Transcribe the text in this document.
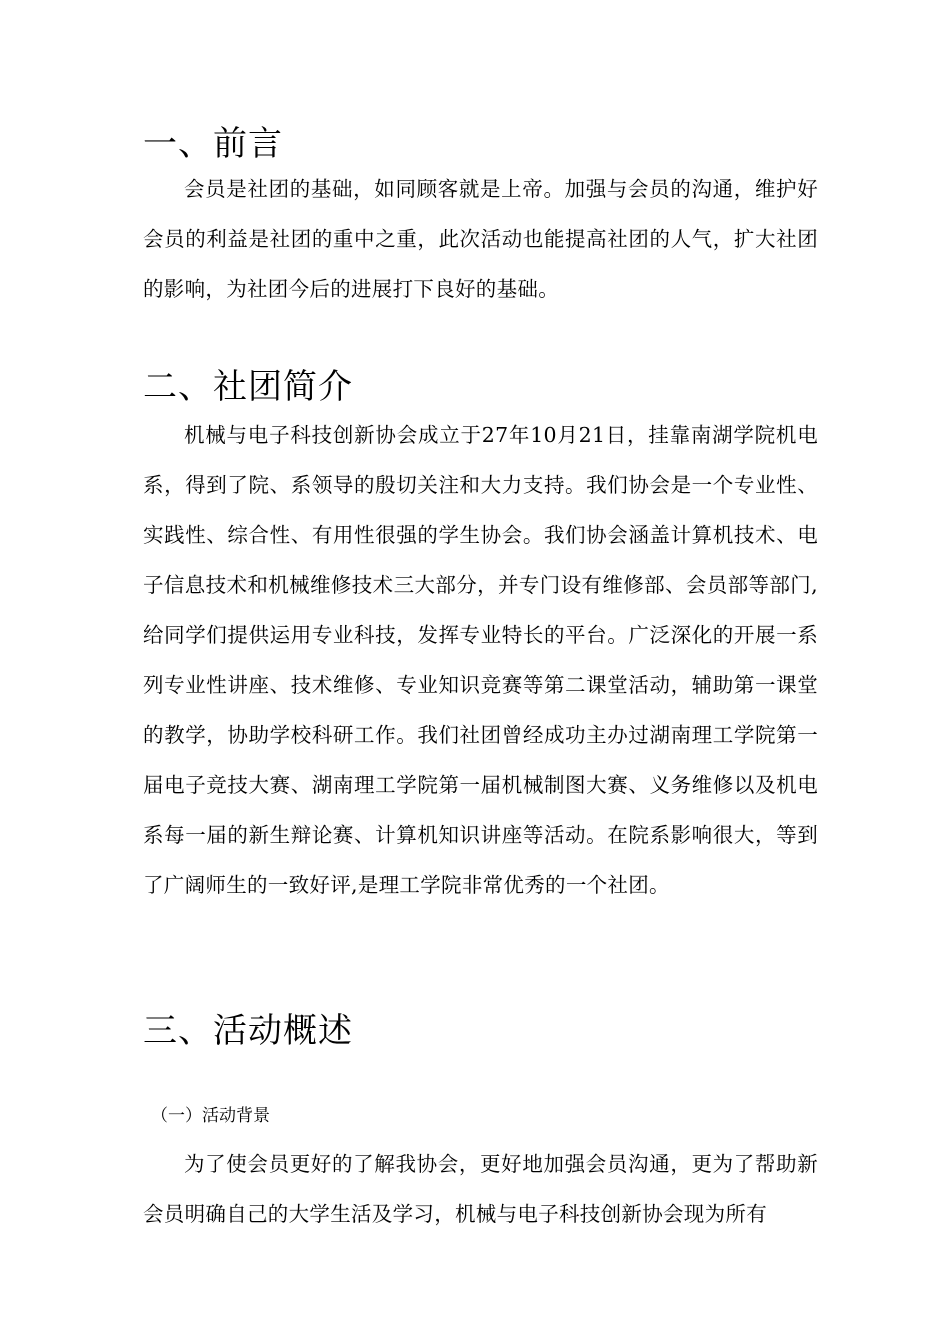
一、前言
会员是社团的基础，如同顾客就是上帝。加强与会员的沟通，维护好会员的利益是社团的重中之重，此次活动也能提高社团的人气，扩大社团的影响，为社团今后的进展打下良好的基础。
二、社团简介
机械与电子科技创新协会成立于27年10月21日，挂靠南湖学院机电系，得到了院、系领导的殷切关注和大力支持。我们协会是一个专业性、实践性、综合性、有用性很强的学生协会。我们协会涵盖计算机技术、电子信息技术和机械维修技术三大部分，并专门设有维修部、会员部等部门,给同学们提供运用专业科技，发挥专业特长的平台。广泛深化的开展一系列专业性讲座、技术维修、专业知识竞赛等第二课堂活动，辅助第一课堂的教学，协助学校科研工作。我们社团曾经成功主办过湖南理工学院第一届电子竞技大赛、湖南理工学院第一届机械制图大赛、义务维修以及机电系每一届的新生辩论赛、计算机知识讲座等活动。在院系影响很大，等到了广阔师生的一致好评,是理工学院非常优秀的一个社团。
三、活动概述
（一）活动背景
为了使会员更好的了解我协会，更好地加强会员沟通，更为了帮助新会员明确自己的大学生活及学习，机械与电子科技创新协会现为所有
